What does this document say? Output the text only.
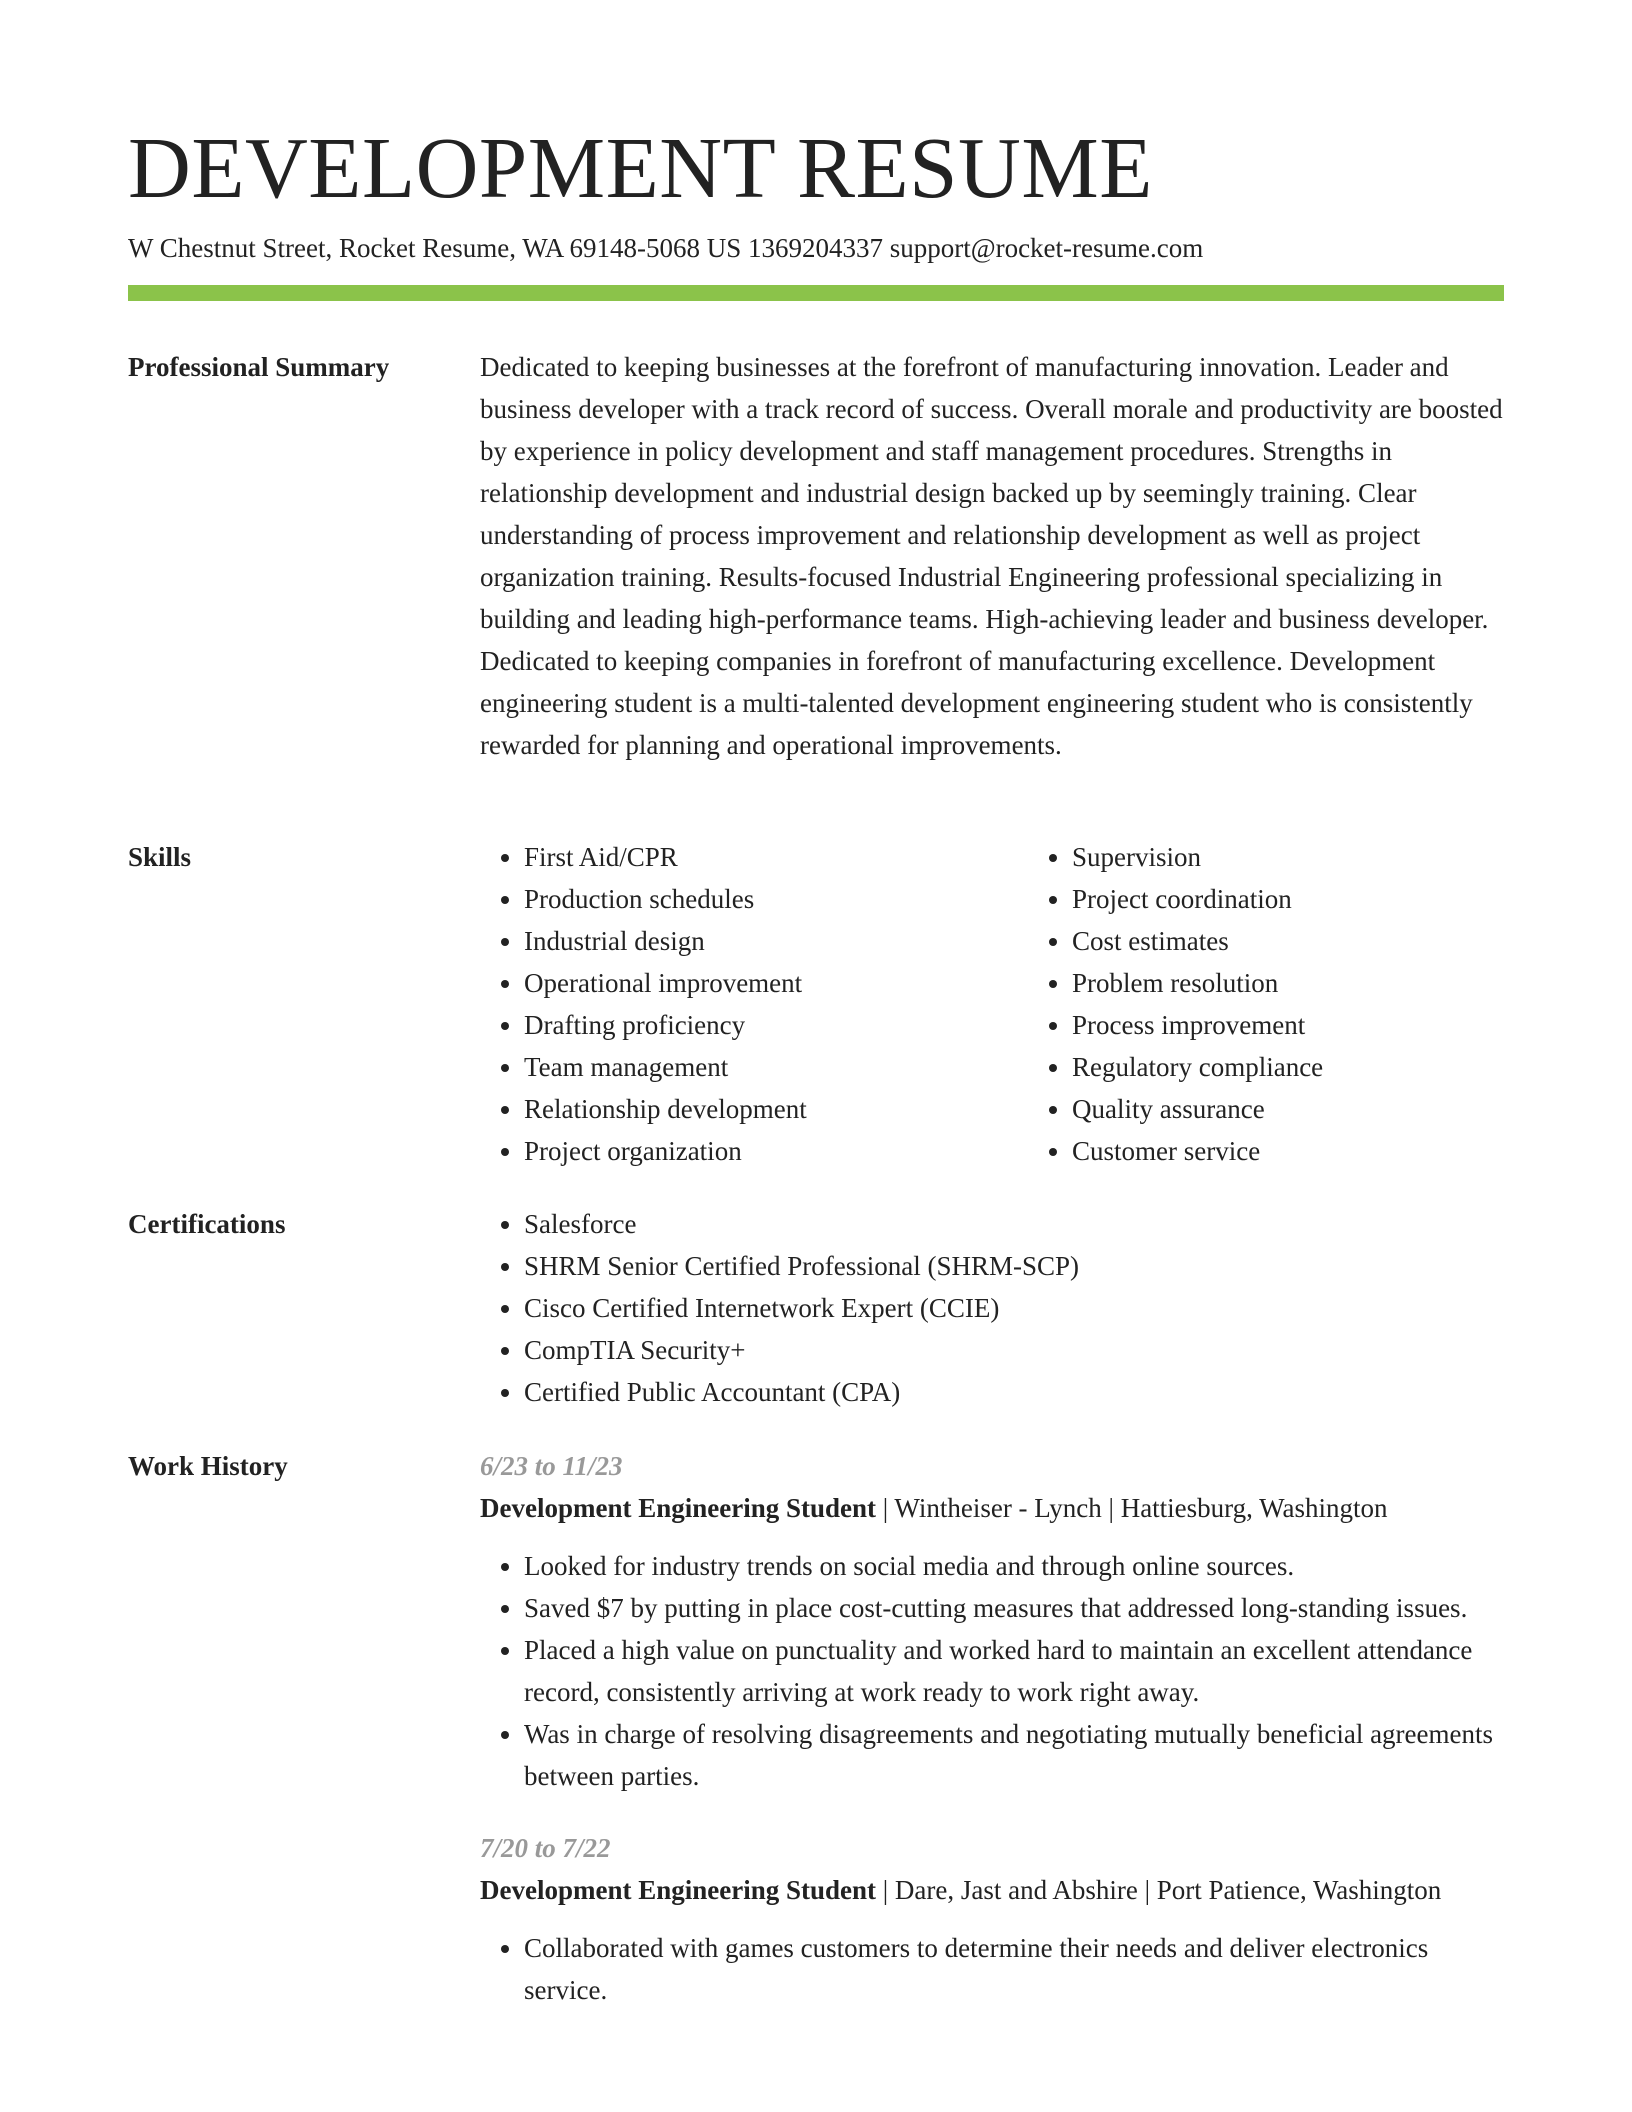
DEVELOPMENT RESUME
W Chestnut Street, Rocket Resume, WA 69148-5068 US 1369204337 support@rocket-resume.com
Professional Summary	Dedicated to keeping businesses at the forefront of manufacturing innovation. Leader and business developer with a track record of success. Overall morale and productivity are boosted by experience in policy development and staff management procedures. Strengths in relationship development and industrial design backed up by seemingly training. Clear understanding of process improvement and relationship development as well as project organization training. Results-focused Industrial Engineering professional specializing in building and leading high-performance teams. High-achieving leader and business developer. Dedicated to keeping companies in forefront of manufacturing excellence. Development engineering student is a multi-talented development engineering student who is consistently rewarded for planning and operational improvements.

Skills	• First Aid/CPR
• Production schedules
• Industrial design
• Operational improvement
• Drafting proficiency
• Team management
• Relationship development
• Project organization
• Supervision
• Project coordination
• Cost estimates
• Problem resolution
• Process improvement
• Regulatory compliance
• Quality assurance
• Customer service
Certifications	• Salesforce
• SHRM Senior Certified Professional (SHRM-SCP)
• Cisco Certified Internetwork Expert (CCIE)
• CompTIA Security+
• Certified Public Accountant (CPA)
Work History	6/23 to 11/23

Development Engineering Student | Wintheiser - Lynch | Hattiesburg, Washington

• Looked for industry trends on social media and through online sources.
• Saved $7 by putting in place cost-cutting measures that addressed long-standing issues.
• Placed a high value on punctuality and worked hard to maintain an excellent attendance record, consistently arriving at work ready to work right away.
• Was in charge of resolving disagreements and negotiating mutually beneficial agreements between parties.
7/20 to 7/22

Development Engineering Student | Dare, Jast and Abshire | Port Patience, Washington

• Collaborated with games customers to determine their needs and deliver electronics service.
